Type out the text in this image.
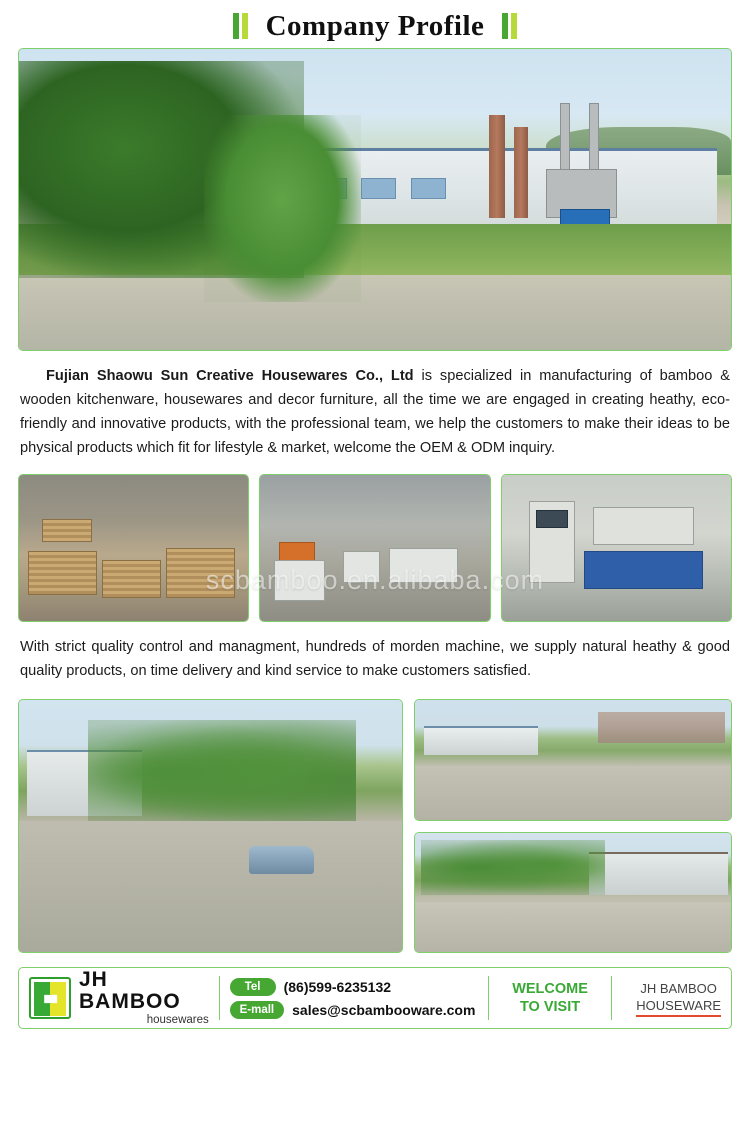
Company Profile

Fujian Shaowu Sun Creative Housewares Co., Ltd is specialized in manufacturing of bamboo & wooden kitchenware, housewares and decor furniture, all the time we are engaged in creating heathy, eco-friendly and innovative products, with the professional team, we help the customers to make their ideas to be physical products which fit for lifestyle & market, welcome the OEM & ODM inquiry.

scbamboo.en.alibaba.com

With strict quality control and managment, hundreds of morden machine, we supply natural heathy & good quality products, on time delivery and kind service to make customers satisfied.

JH BAMBOO
housewares
Tel	(86)599-6235132
E-mall	sales@scbambooware.com
WELCOME
TO VISIT
JH BAMBOO
HOUSEWARE
